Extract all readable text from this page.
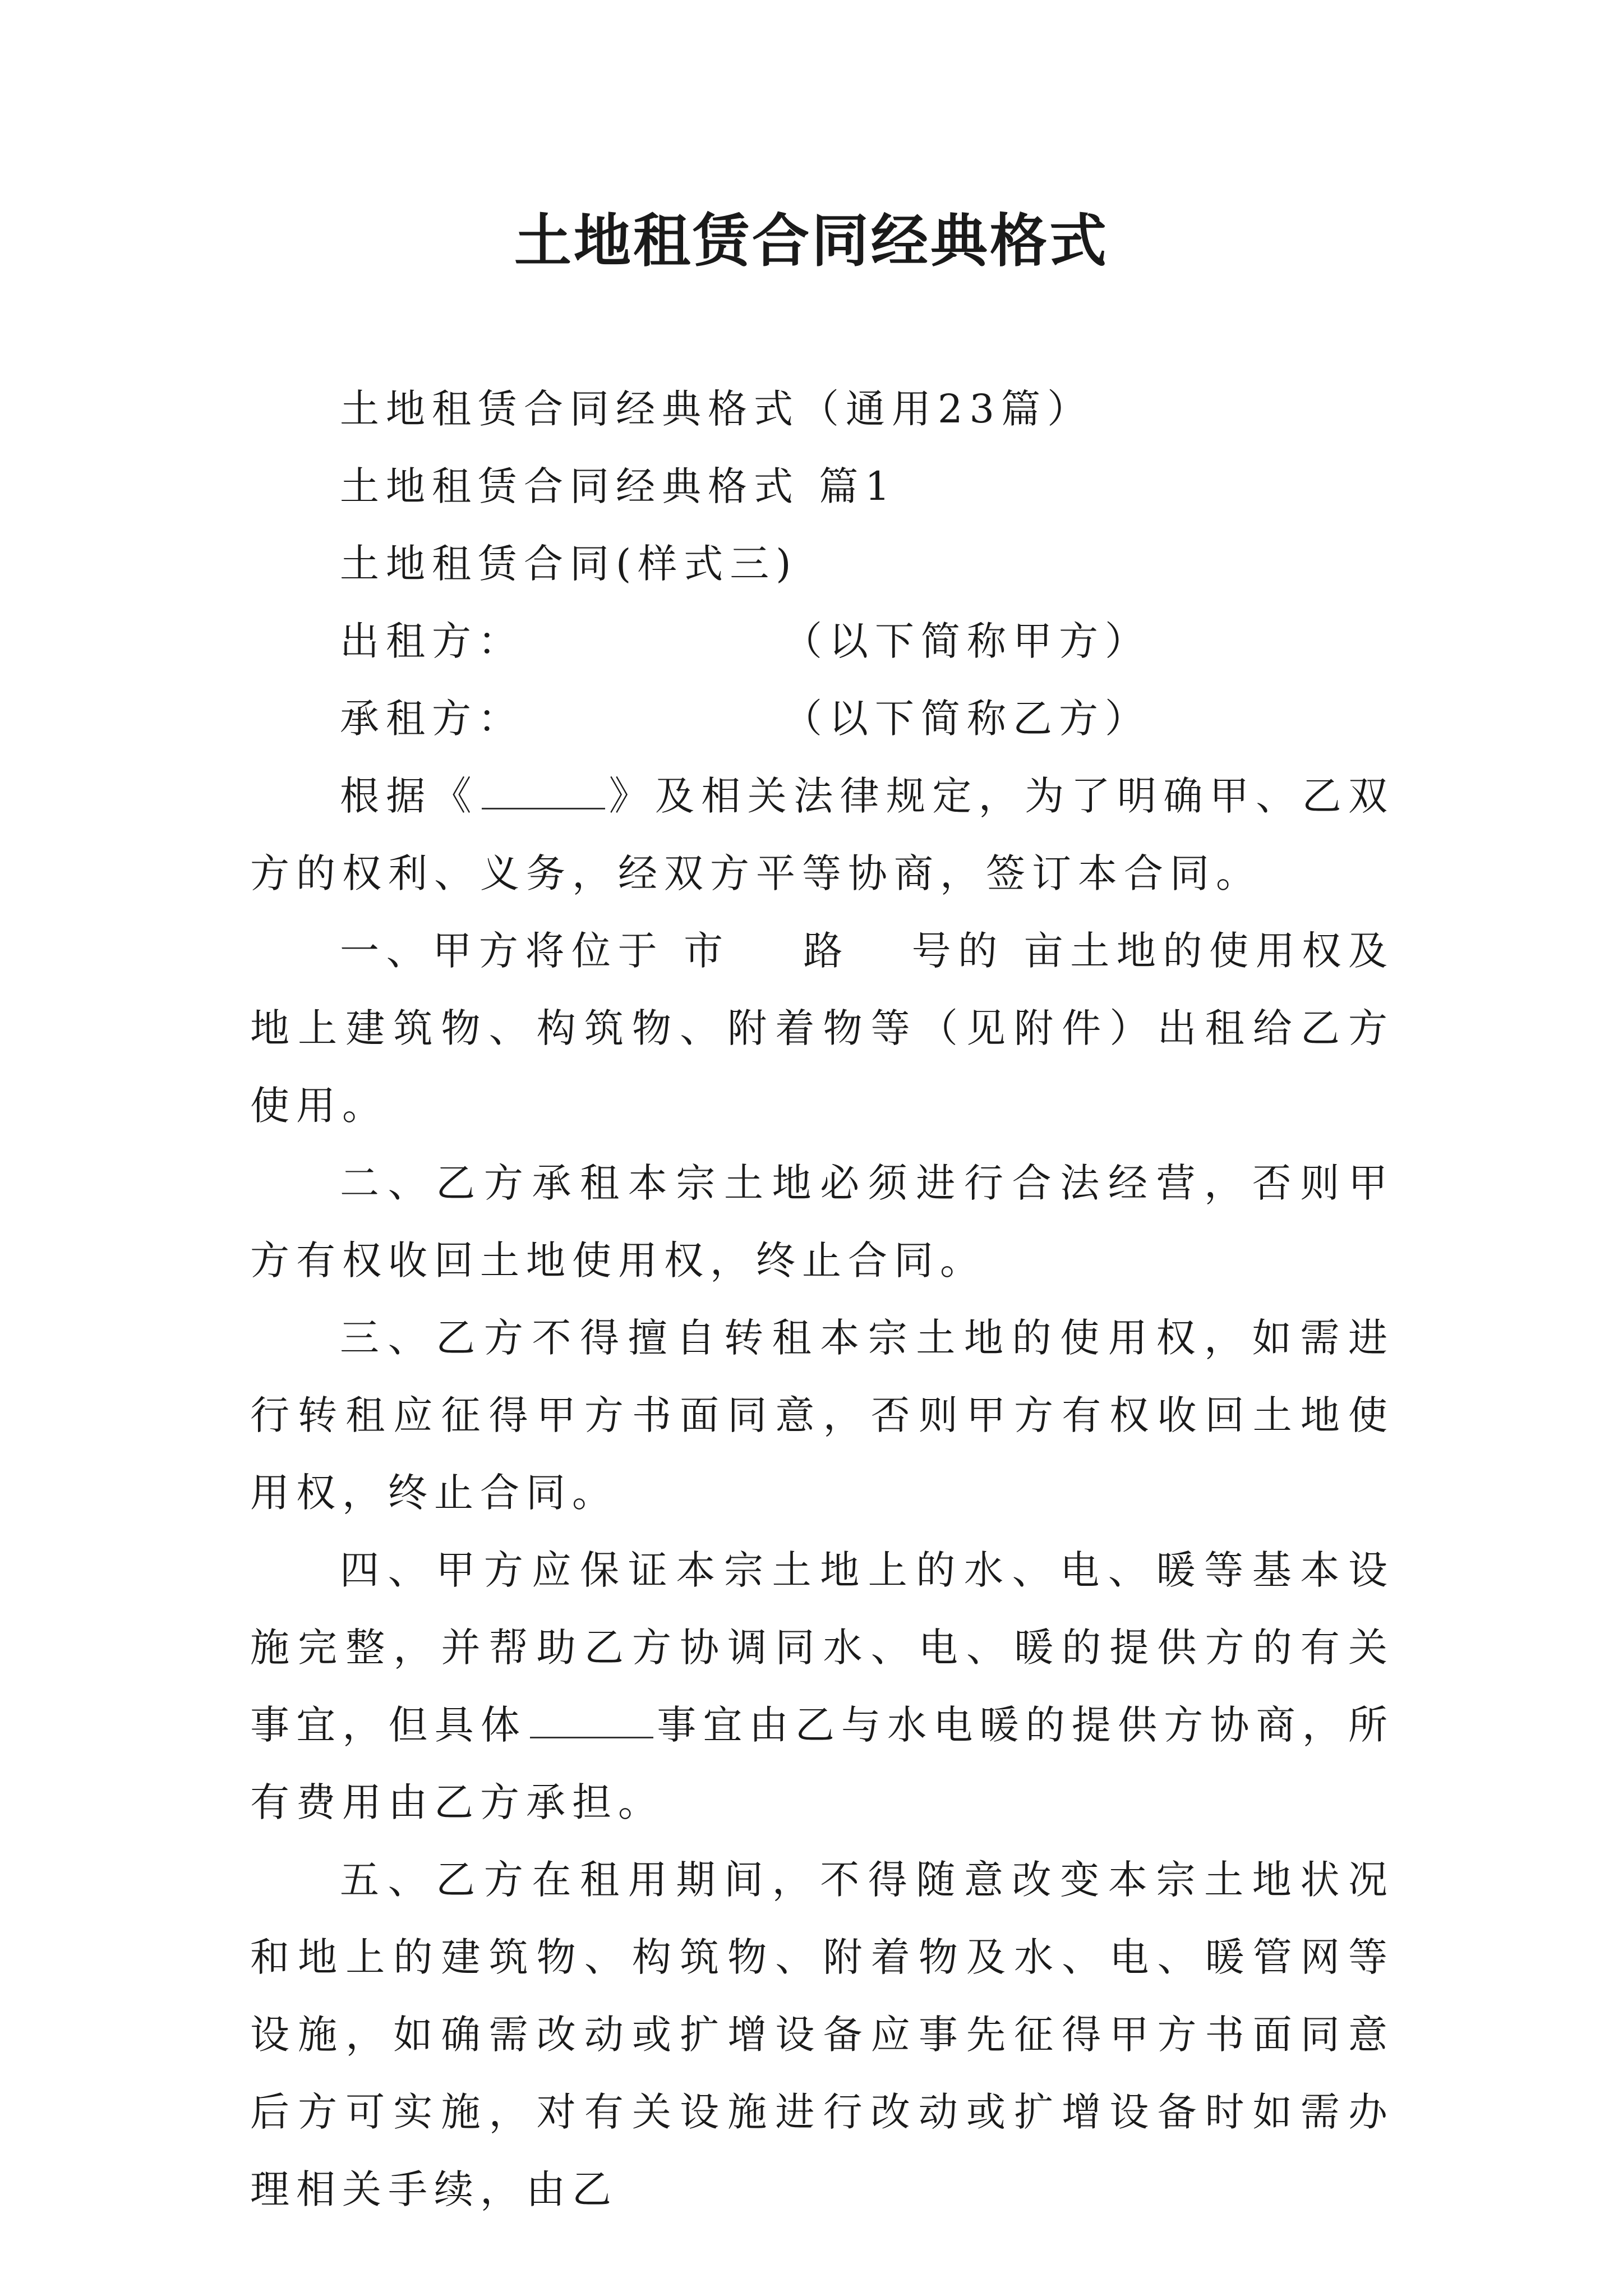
土地租赁合同经典格式

土地租赁合同经典格式（通用23篇）

土地租赁合同经典格式 篇1

土地租赁合同(样式三)

出租方：	（以下简称甲方）
承租方：	（以下简称乙方）

根据《	》及相关法律规定，为了明确甲、乙双方的权利、义务，经双方平等协商，签订本合同。

一、甲方将位于 市 路 号的 亩土地的使用权及地上建筑物、构筑物、附着物等（见附件）出租给乙方使用。

二、乙方承租本宗土地必须进行合法经营，否则甲方有权收回土地使用权，终止合同。

三、乙方不得擅自转租本宗土地的使用权，如需进行转租应征得甲方书面同意，否则甲方有权收回土地使用权，终止合同。

四、甲方应保证本宗土地上的水、电、暖等基本设施完整，并帮助乙方协调同水、电、暖的提供方的有关事宜，但具体	事宜由乙与水电暖的提供方协商，所有费用由乙方承担。

五、乙方在租用期间，不得随意改变本宗土地状况和地上的建筑物、构筑物、附着物及水、电、暖管网等设施，如确需改动或扩增设备应事先征得甲方书面同意后方可实施，对有关设施进行改动或扩增设备时如需办理相关手续，由乙
